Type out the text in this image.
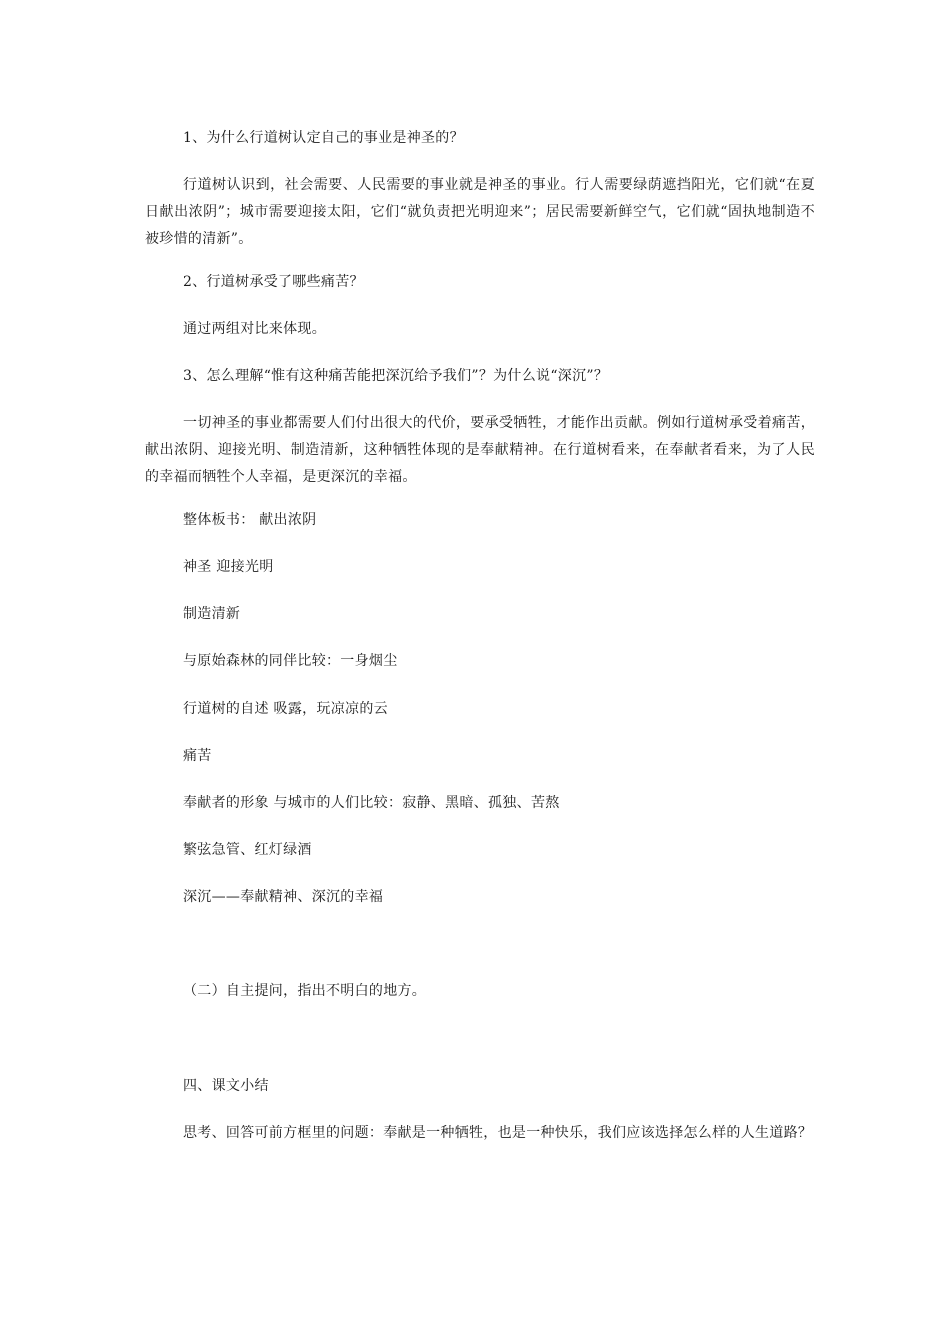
1、为什么行道树认定自己的事业是神圣的？

行道树认识到，社会需要、人民需要的事业就是神圣的事业。行人需要绿荫遮挡阳光，它们就“在夏日献出浓阴”；城市需要迎接太阳，它们“就负责把光明迎来”；居民需要新鲜空气，它们就“固执地制造不被珍惜的清新”。

2、行道树承受了哪些痛苦？

通过两组对比来体现。

3、怎么理解“惟有这种痛苦能把深沉给予我们”？为什么说“深沉”？

一切神圣的事业都需要人们付出很大的代价，要承受牺牲，才能作出贡献。例如行道树承受着痛苦，献出浓阴、迎接光明、制造清新，这种牺牲体现的是奉献精神。在行道树看来，在奉献者看来，为了人民的幸福而牺牲个人幸福，是更深沉的幸福。

整体板书： 献出浓阴

神圣 迎接光明

制造清新

与原始森林的同伴比较：一身烟尘

行道树的自述 吸露，玩凉凉的云

痛苦

奉献者的形象 与城市的人们比较：寂静、黑暗、孤独、苦熬

繁弦急管、红灯绿酒

深沉——奉献精神、深沉的幸福

（二）自主提问，指出不明白的地方。

四、课文小结

思考、回答可前方框里的问题：奉献是一种牺牲，也是一种快乐，我们应该选择怎么样的人生道路？
